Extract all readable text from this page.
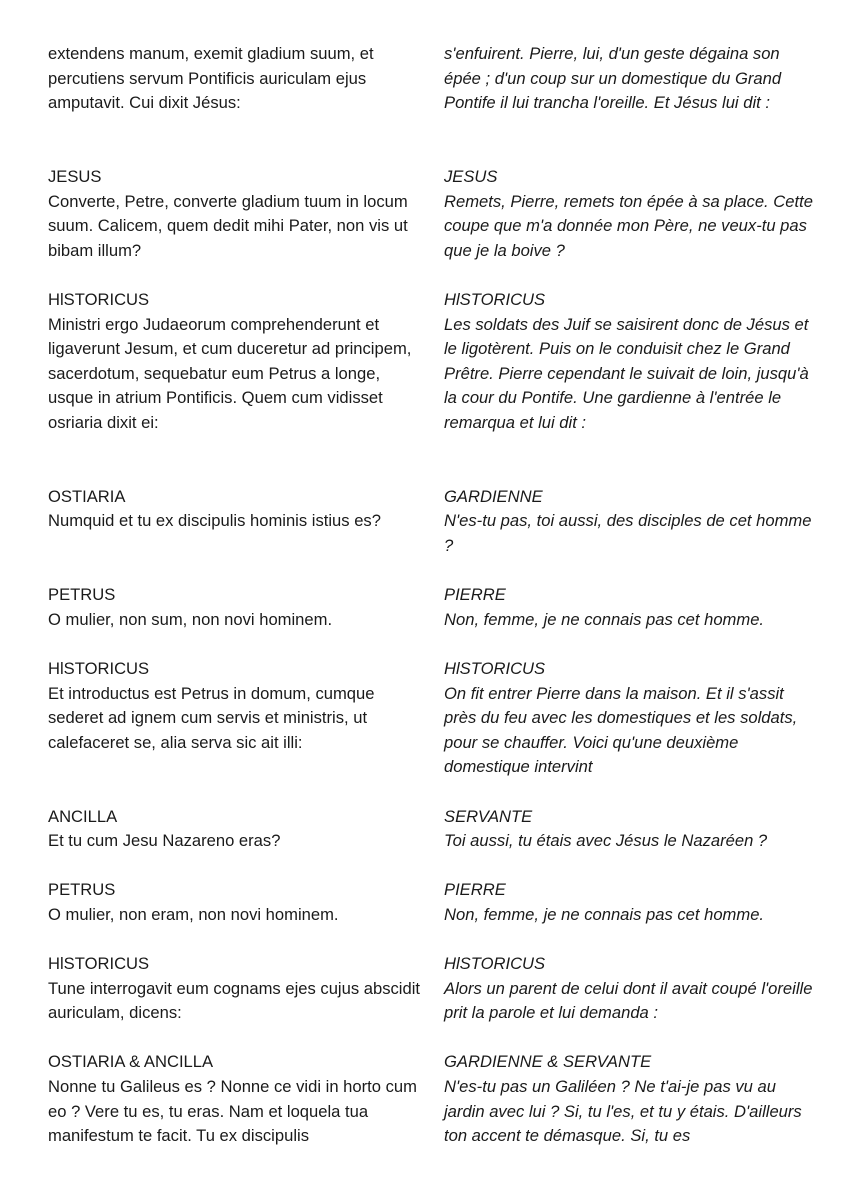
extendens manum, exemit gladium suum, et percutiens servum Pontificis auriculam ejus amputavit. Cui dixit Jésus:

JESUS

Converte, Petre, converte gladium tuum in locum suum. Calicem, quem dedit mihi Pater, non vis ut bibam illum?

HlSTORICUS

Ministri ergo Judaeorum comprehenderunt et ligaverunt Jesum, et cum duceretur ad principem, sacerdotum, sequebatur eum Petrus a longe, usque in atrium Pontificis. Quem cum vidisset osriaria dixit ei:

OSTIARIA

Numquid et tu ex discipulis hominis istius es?

PETRUS

O mulier, non sum, non novi hominem.

HlSTORICUS

Et introductus est Petrus in domum, cumque sederet ad ignem cum servis et ministris, ut calefaceret se, alia serva sic ait illi:

ANCILLA

Et tu cum Jesu Nazareno eras?

PETRUS

O mulier, non eram, non novi hominem.

HlSTORICUS

Tune interrogavit eum cognams ejes cujus abscidit auriculam, dicens:

OSTIARIA & ANCILLA

Nonne tu Galileus es ? Nonne ce vidi in horto cum eo ? Vere tu es, tu eras. Nam et loquela tua manifestum te facit. Tu ex discipulis

s'enfuirent. Pierre, lui, d'un geste dégaina son épée ; d'un coup sur un domestique du Grand Pontife il lui trancha l'oreille. Et Jésus lui dit :

JESUS

Remets, Pierre, remets ton épée à sa place. Cette coupe que m'a donnée mon Père, ne veux-tu pas que je la boive ?

HlSTORICUS

Les soldats des Juif se saisirent donc de Jésus et le ligotèrent. Puis on le conduisit chez le Grand Prêtre. Pierre cependant le suivait de loin, jusqu'à la cour du Pontife. Une gardienne à l'entrée le remarqua et lui dit :

GARDIENNE

N'es-tu pas, toi aussi, des disciples de cet homme ?

PIERRE

Non, femme, je ne connais pas cet homme.

HlSTORICUS

On fit entrer Pierre dans la maison. Et il s'assit près du feu avec les domestiques et les soldats, pour se chauffer. Voici qu'une deuxième domestique intervint

SERVANTE

Toi aussi, tu étais avec Jésus le Nazaréen ?

PIERRE

Non, femme, je ne connais pas cet homme.

HlSTORICUS

Alors un parent de celui dont il avait coupé l'oreille prit la parole et lui demanda :

GARDIENNE & SERVANTE

N'es-tu pas un Galiléen ? Ne t'ai-je pas vu au jardin avec lui ? Si, tu l'es, et tu y étais. D'ailleurs ton accent te démasque. Si, tu es
